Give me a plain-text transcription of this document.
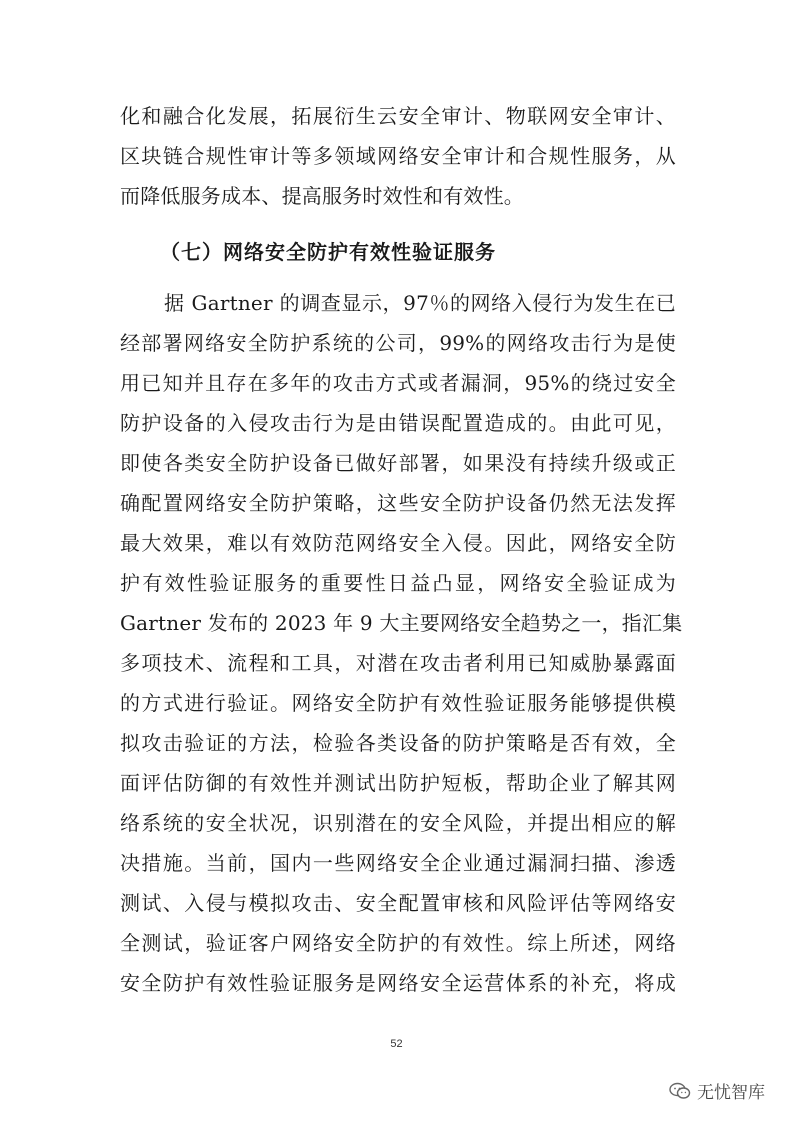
化和融合化发展，拓展衍生云安全审计、物联网安全审计、
区块链合规性审计等多领域网络安全审计和合规性服务，从
而降低服务成本、提高服务时效性和有效性。
（七）网络安全防护有效性验证服务
据 Gartner 的调查显示，97％的网络入侵行为发生在已
经部署网络安全防护系统的公司，99%的网络攻击行为是使
用已知并且存在多年的攻击方式或者漏洞，95%的绕过安全
防护设备的入侵攻击行为是由错误配置造成的。由此可见，
即使各类安全防护设备已做好部署，如果没有持续升级或正
确配置网络安全防护策略，这些安全防护设备仍然无法发挥
最大效果，难以有效防范网络安全入侵。因此，网络安全防
护有效性验证服务的重要性日益凸显，网络安全验证成为
Gartner 发布的 2023 年 9 大主要网络安全趋势之一，指汇集
多项技术、流程和工具，对潜在攻击者利用已知威胁暴露面
的方式进行验证。网络安全防护有效性验证服务能够提供模
拟攻击验证的方法，检验各类设备的防护策略是否有效，全
面评估防御的有效性并测试出防护短板，帮助企业了解其网
络系统的安全状况，识别潜在的安全风险，并提出相应的解
决措施。当前，国内一些网络安全企业通过漏洞扫描、渗透
测试、入侵与模拟攻击、安全配置审核和风险评估等网络安
全测试，验证客户网络安全防护的有效性。综上所述，网络
安全防护有效性验证服务是网络安全运营体系的补充，将成
52
无忧智库
